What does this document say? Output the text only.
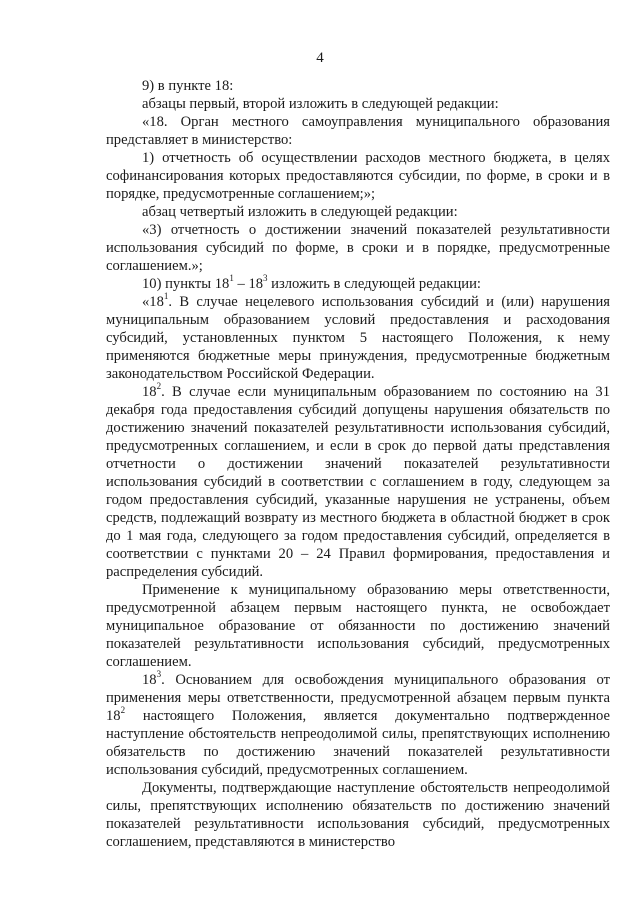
4

9) в пункте 18:

абзацы первый, второй изложить в следующей редакции:

«18. Орган местного самоуправления муниципального образования представляет в министерство:

1) отчетность об осуществлении расходов местного бюджета, в целях софинансирования которых предоставляются субсидии, по форме, в сроки и в порядке, предусмотренные соглашением;»;

абзац четвертый изложить в следующей редакции:

«3) отчетность о достижении значений показателей результативности использования субсидий по форме, в сроки и в порядке, предусмотренные соглашением.»;

10) пункты $18^1 - 18^3$ изложить в следующей редакции:

«$18^1$. В случае нецелевого использования субсидий и (или) нарушения муниципальным образованием условий предоставления и расходования субсидий, установленных пунктом 5 настоящего Положения, к нему применяются бюджетные меры принуждения, предусмотренные бюджетным законодательством Российской Федерации.

$18^2$. В случае если муниципальным образованием по состоянию на 31 декабря года предоставления субсидий допущены нарушения обязательств по достижению значений показателей результативности использования субсидий, предусмотренных соглашением, и если в срок до первой даты представления отчетности о достижении значений показателей результативности использования субсидий в соответствии с соглашением в году, следующем за годом предоставления субсидий, указанные нарушения не устранены, объем средств, подлежащий возврату из местного бюджета в областной бюджет в срок до 1 мая года, следующего за годом предоставления субсидий, определяется в соответствии с пунктами 20 – 24 Правил формирования, предоставления и распределения субсидий.

Применение к муниципальному образованию меры ответственности, предусмотренной абзацем первым настоящего пункта, не освобождает муниципальное образование от обязанности по достижению значений показателей результативности использования субсидий, предусмотренных соглашением.

$18^3$. Основанием для освобождения муниципального образования от применения меры ответственности, предусмотренной абзацем первым пункта $18^2$ настоящего Положения, является документально подтвержденное наступление обстоятельств непреодолимой силы, препятствующих исполнению обязательств по достижению значений показателей результативности использования субсидий, предусмотренных соглашением.

Документы, подтверждающие наступление обстоятельств непреодолимой силы, препятствующих исполнению обязательств по достижению значений показателей результативности использования субсидий, предусмотренных соглашением, представляются в министерство
